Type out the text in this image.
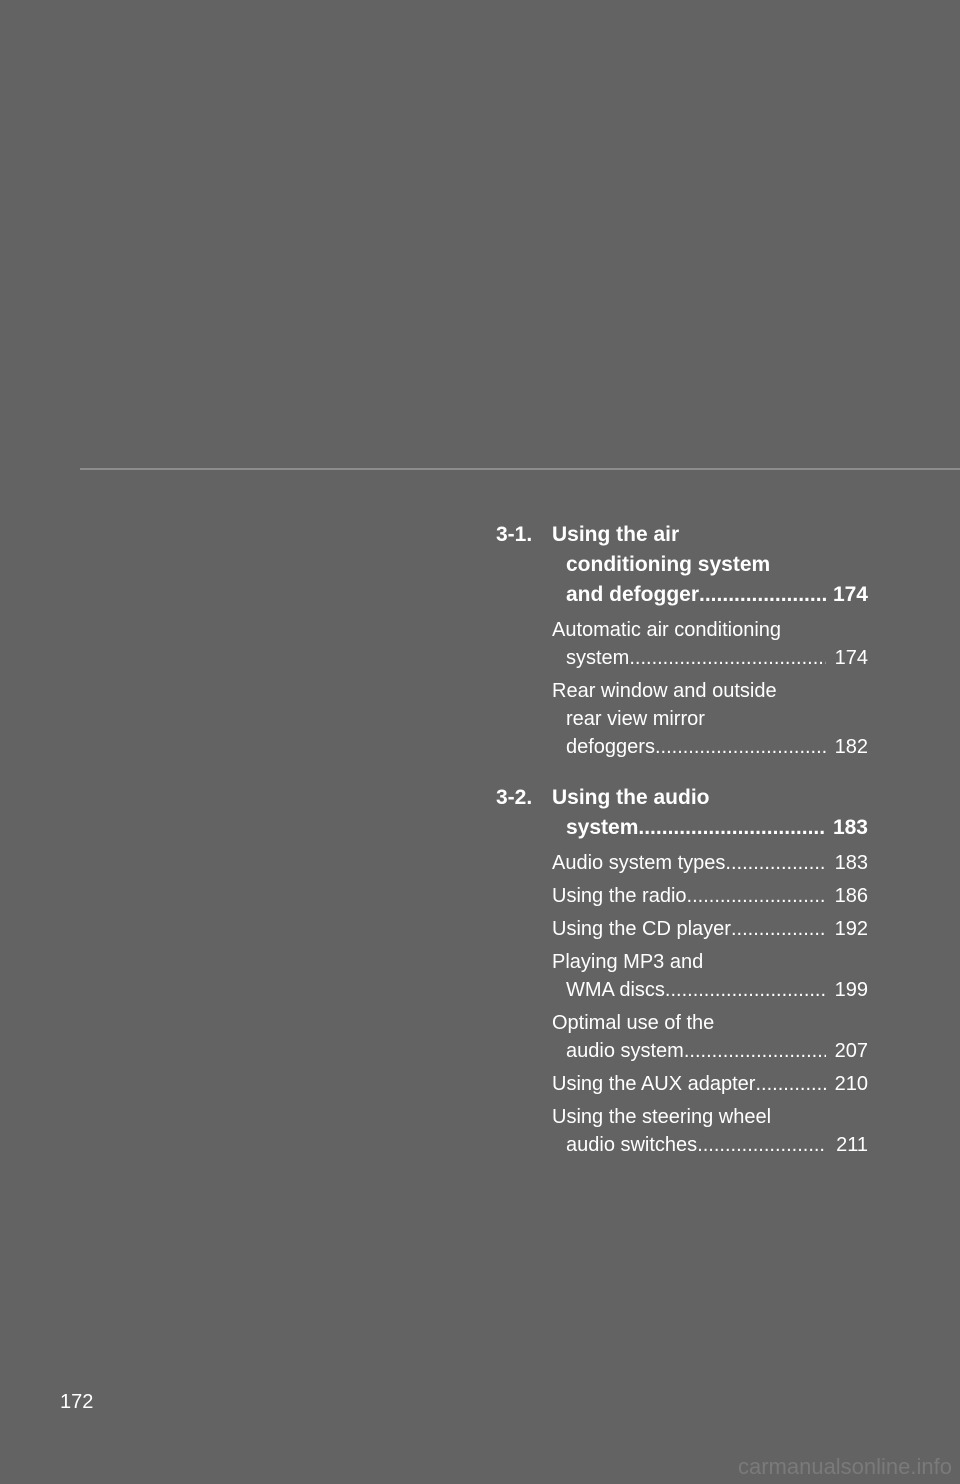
3-1. Using the air
conditioning system
and defogger .....	174
Automatic air conditioning
system .....	174
Rear window and outside
rear view mirror
defoggers .....	182
3-2. Using the audio
system .....	183
Audio system types .....	183
Using the radio .....	186
Using the CD player .....	192
Playing MP3 and
WMA discs .....	199
Optimal use of the
audio system .....	207
Using the AUX adapter .....	210
Using the steering wheel
audio switches .....	211
172
carmanualsonline.info
